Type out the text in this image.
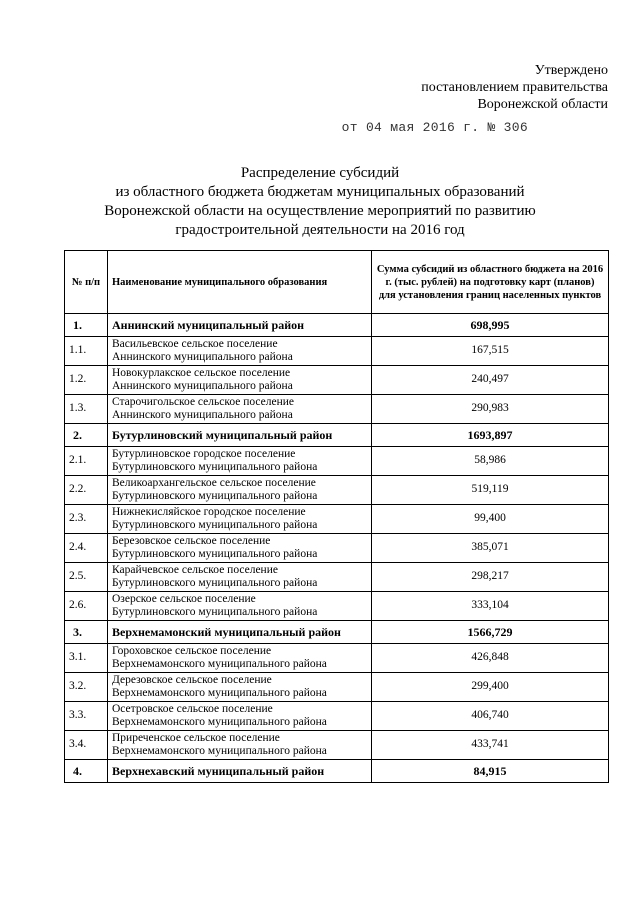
Утверждено
постановлением правительства
Воронежской области
от 04 мая 2016 г. № 306
Распределение субсидий
из областного бюджета бюджетам муниципальных образований
Воронежской области на осуществление мероприятий по развитию
градостроительной деятельности на 2016 год
№ п/п	Наименование муниципального образования	Сумма субсидий из областного бюджета на 2016 г. (тыс. рублей) на подготовку карт (планов) для установления границ населенных пунктов
1.	Аннинский муниципальный район	698,995
1.1.	Васильевское сельское поселение
Аннинского муниципального района	167,515
1.2.	Новокурлакское сельское поселение
Аннинского муниципального района	240,497
1.3.	Старочигольское сельское поселение
Аннинского муниципального района	290,983
2.	Бутурлиновский муниципальный район	1693,897
2.1.	Бутурлиновское городское поселение
Бутурлиновского муниципального района	58,986
2.2.	Великоархангельское сельское поселение
Бутурлиновского муниципального района	519,119
2.3.	Нижнекисляйское городское поселение
Бутурлиновского муниципального района	99,400
2.4.	Березовское сельское поселение
Бутурлиновского муниципального района	385,071
2.5.	Карайчевское сельское поселение
Бутурлиновского муниципального района	298,217
2.6.	Озерское сельское поселение
Бутурлиновского муниципального района	333,104
3.	Верхнемамонский муниципальный район	1566,729
3.1.	Гороховское сельское поселение
Верхнемамонского муниципального района	426,848
3.2.	Дерезовское сельское поселение
Верхнемамонского муниципального района	299,400
3.3.	Осетровское сельское поселение
Верхнемамонского муниципального района	406,740
3.4.	Приреченское сельское поселение
Верхнемамонского муниципального района	433,741
4.	Верхнехавский муниципальный район	84,915
